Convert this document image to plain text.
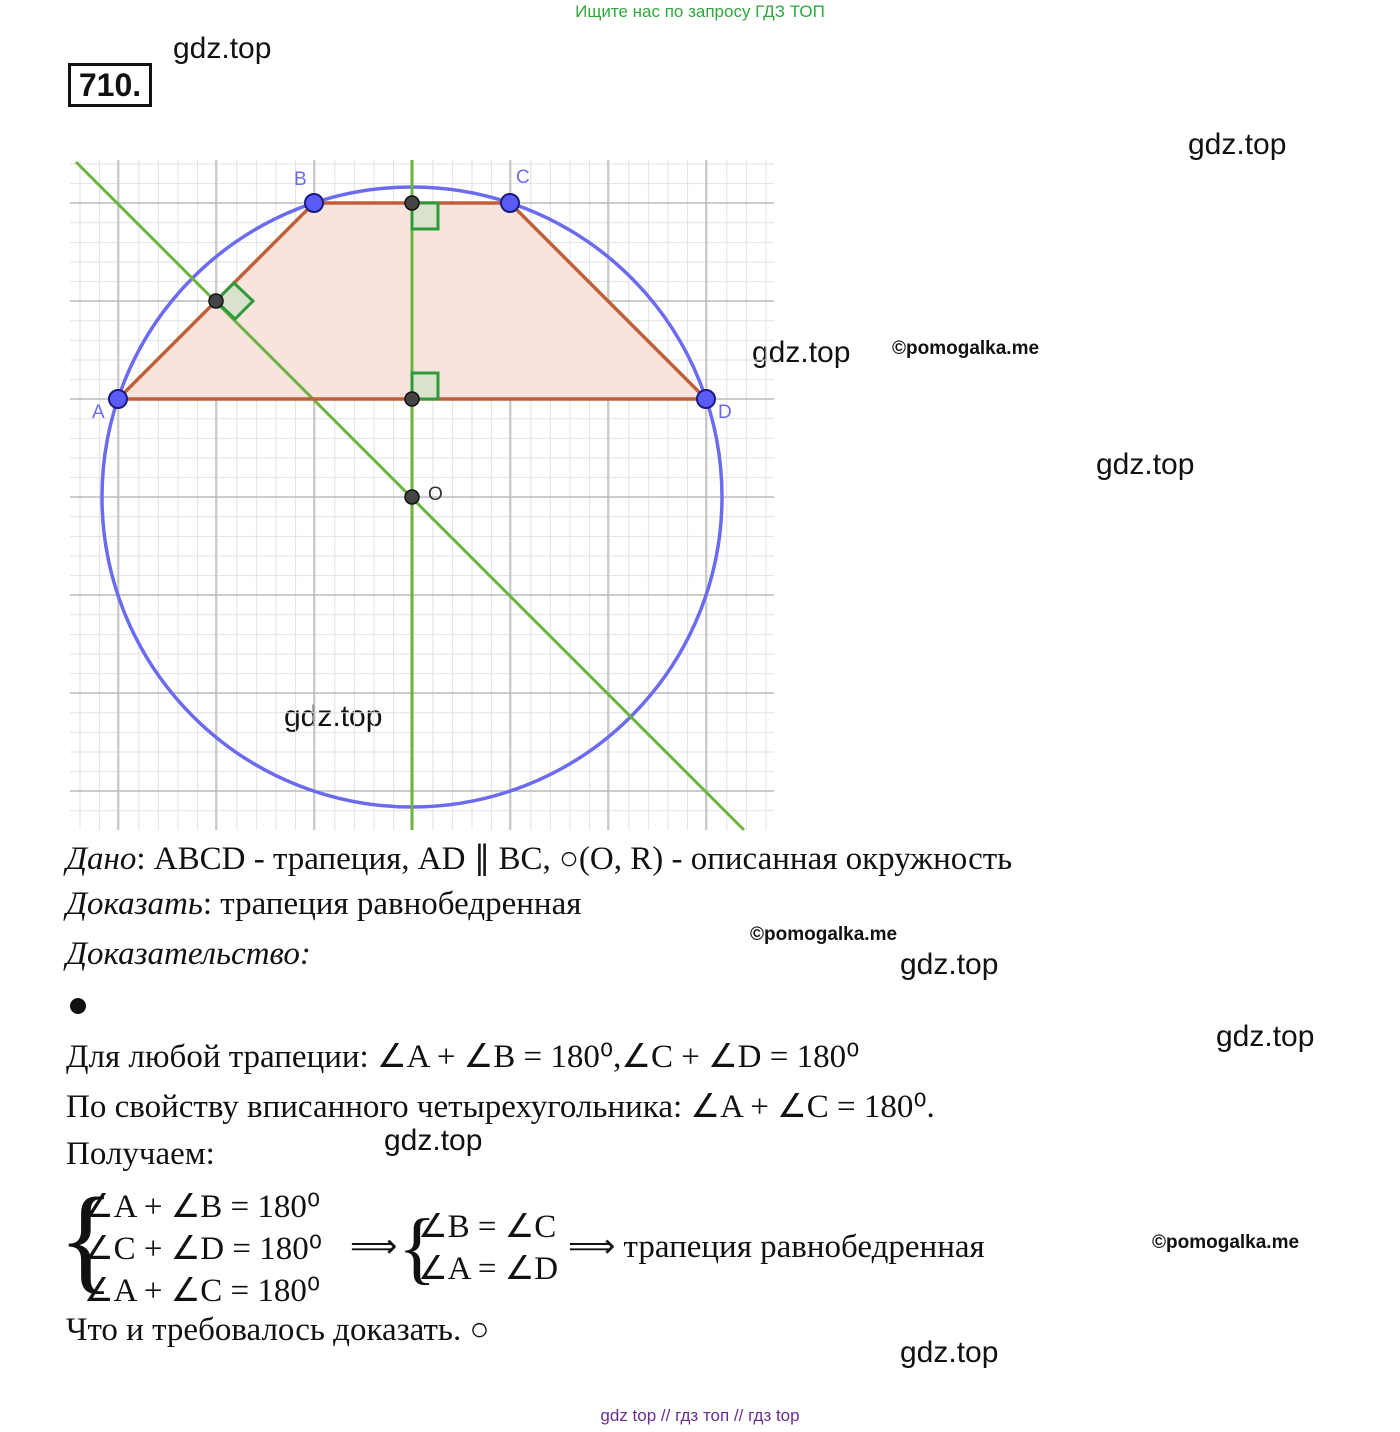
Ищите нас по запросу ГДЗ ТОП
710.
gdz.top
gdz.top
gdz.top
gdz.top
gdz.top
gdz.top
gdz.top
gdz.top
gdz.top
©pomogalka.me
©pomogalka.me
©pomogalka.me
A
B	C
D
O
Дано: ABCD - трапеция, AD ∥ BC, ○(O, R) - описанная окружность
Доказать: трапеция равнобедренная
Доказательство:
Для любой трапеции: ∠A + ∠B = 180⁰,∠C + ∠D = 180⁰
По свойству вписанного четырехугольника: ∠A + ∠C = 180⁰.
Получаем:
{
∠A + ∠B = 180⁰
∠C + ∠D = 180⁰
∠A + ∠C = 180⁰
⟹ {
∠B = ∠C
∠A = ∠D
⟹ трапеция равнобедренная
Что и требовалось доказать. ○
gdz top // гдз топ // гдз top
